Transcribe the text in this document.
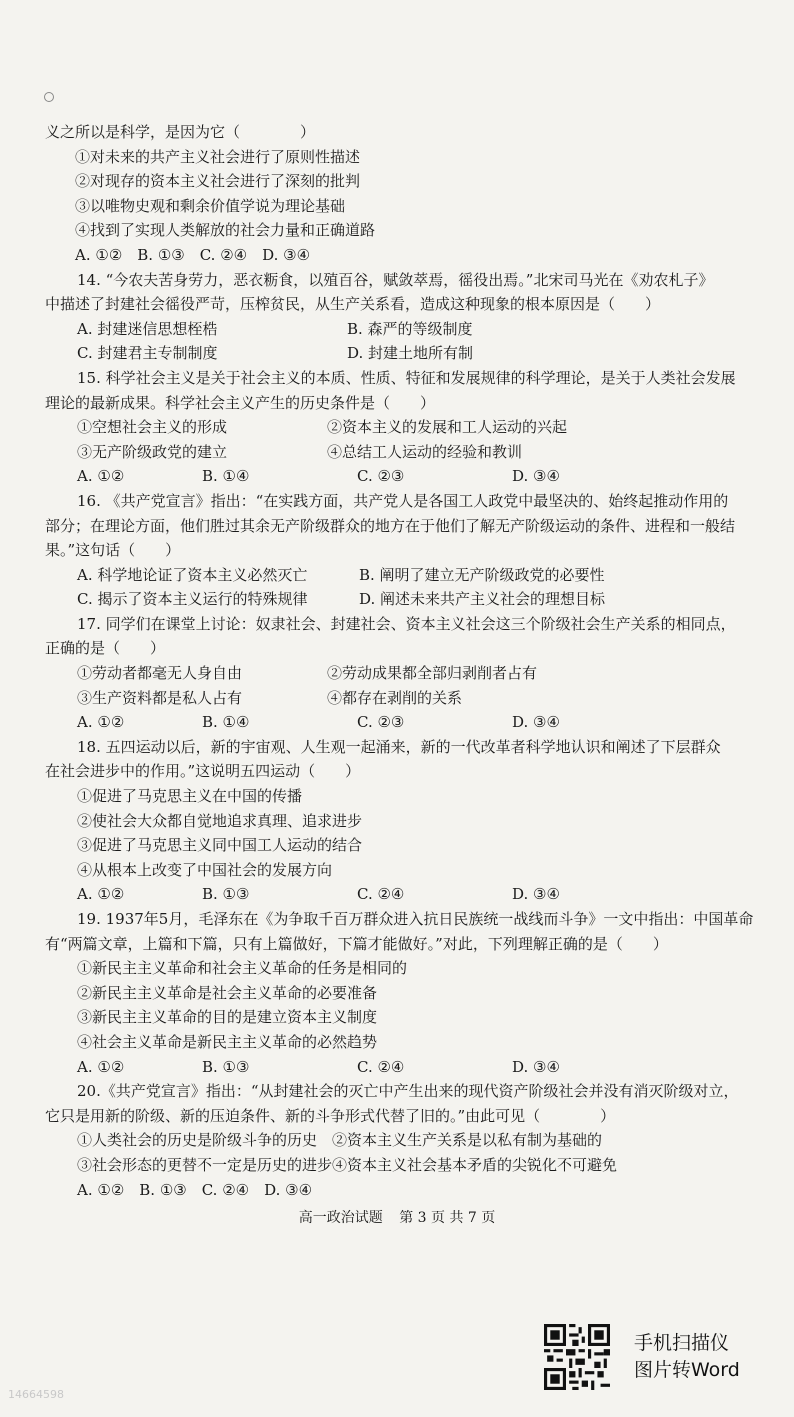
义之所以是科学，是因为它（　　　　）
①对未来的共产主义社会进行了原则性描述
②对现存的资本主义社会进行了深刻的批判
③以唯物史观和剩余价值学说为理论基础
④找到了实现人类解放的社会力量和正确道路
A. ①②　B. ①③　C. ②④　D. ③④
14. “今农夫苦身劳力，恶衣粝食，以殖百谷，赋敛萃焉，徭役出焉。”北宋司马光在《劝农札子》
中描述了封建社会徭役严苛，压榨贫民，从生产关系看，造成这种现象的根本原因是（　　）
A. 封建迷信思想桎梏	B. 森严的等级制度
C. 封建君主专制制度	D. 封建土地所有制
15. 科学社会主义是关于社会主义的本质、性质、特征和发展规律的科学理论，是关于人类社会发展
理论的最新成果。科学社会主义产生的历史条件是（　　）
①空想社会主义的形成	②资本主义的发展和工人运动的兴起
③无产阶级政党的建立	④总结工人运动的经验和教训
A. ①②	B. ①④	C. ②③	D. ③④
16. 《共产党宣言》指出：“在实践方面，共产党人是各国工人政党中最坚决的、始终起推动作用的
部分；在理论方面，他们胜过其余无产阶级群众的地方在于他们了解无产阶级运动的条件、进程和一般结
果。”这句话（　　）
A. 科学地论证了资本主义必然灭亡	B. 阐明了建立无产阶级政党的必要性
C. 揭示了资本主义运行的特殊规律	D. 阐述未来共产主义社会的理想目标
17. 同学们在课堂上讨论：奴隶社会、封建社会、资本主义社会这三个阶级社会生产关系的相同点，
正确的是（　　）
①劳动者都毫无人身自由	②劳动成果都全部归剥削者占有
③生产资料都是私人占有	④都存在剥削的关系
A. ①②	B. ①④	C. ②③	D. ③④
18. 五四运动以后，新的宇宙观、人生观一起涌来，新的一代改革者科学地认识和阐述了下层群众
在社会进步中的作用。”这说明五四运动（　　）
①促进了马克思主义在中国的传播
②使社会大众都自觉地追求真理、追求进步
③促进了马克思主义同中国工人运动的结合
④从根本上改变了中国社会的发展方向
A. ①②	B. ①③	C. ②④	D. ③④
19. 1937年5月，毛泽东在《为争取千百万群众进入抗日民族统一战线而斗争》一文中指出：中国革命
有“两篇文章，上篇和下篇，只有上篇做好，下篇才能做好。”对此，下列理解正确的是（　　）
①新民主主义革命和社会主义革命的任务是相同的
②新民主主义革命是社会主义革命的必要准备
③新民主主义革命的目的是建立资本主义制度
④社会主义革命是新民主主义革命的必然趋势
A. ①②	B. ①③	C. ②④	D. ③④
20.《共产党宣言》指出：“从封建社会的灭亡中产生出来的现代资产阶级社会并没有消灭阶级对立，
它只是用新的阶级、新的压迫条件、新的斗争形式代替了旧的。”由此可见（　　　　）
①人类社会的历史是阶级斗争的历史 ②资本主义生产关系是以私有制为基础的
③社会形态的更替不一定是历史的进步 ④资本主义社会基本矛盾的尖锐化不可避免
A. ①②　B. ①③　C. ②④　D. ③④
高一政治试题 第 3 页 共 7 页
手机扫描仪
图片转Word
14664598
